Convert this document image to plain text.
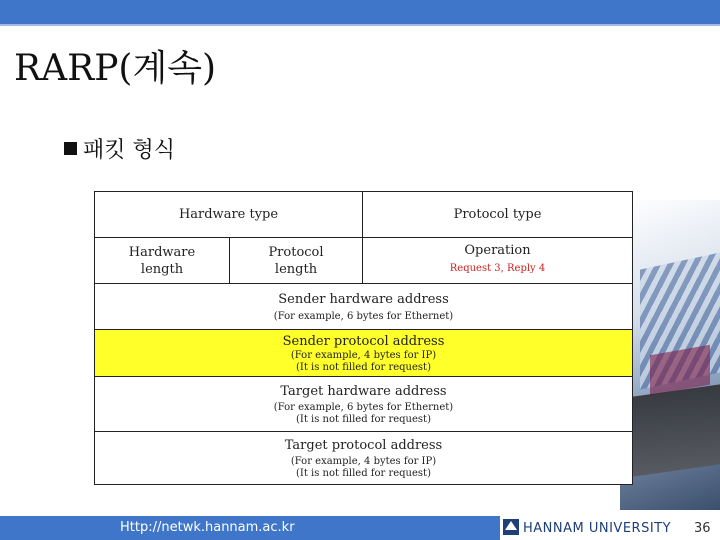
RARP(계속)
패킷 형식
Hardware type	Protocol type
Hardware
length
Protocol
length
Operation
Request 3, Reply 4
Sender hardware address
(For example, 6 bytes for Ethernet)
Sender protocol address
(For example, 4 bytes for IP)
(It is not filled for request)
Target hardware address
(For example, 6 bytes for Ethernet)
(It is not filled for request)
Target protocol address
(For example, 4 bytes for IP)
(It is not filled for request)
Http://netwk.hannam.ac.kr	HANNAM UNIVERSITY 36
